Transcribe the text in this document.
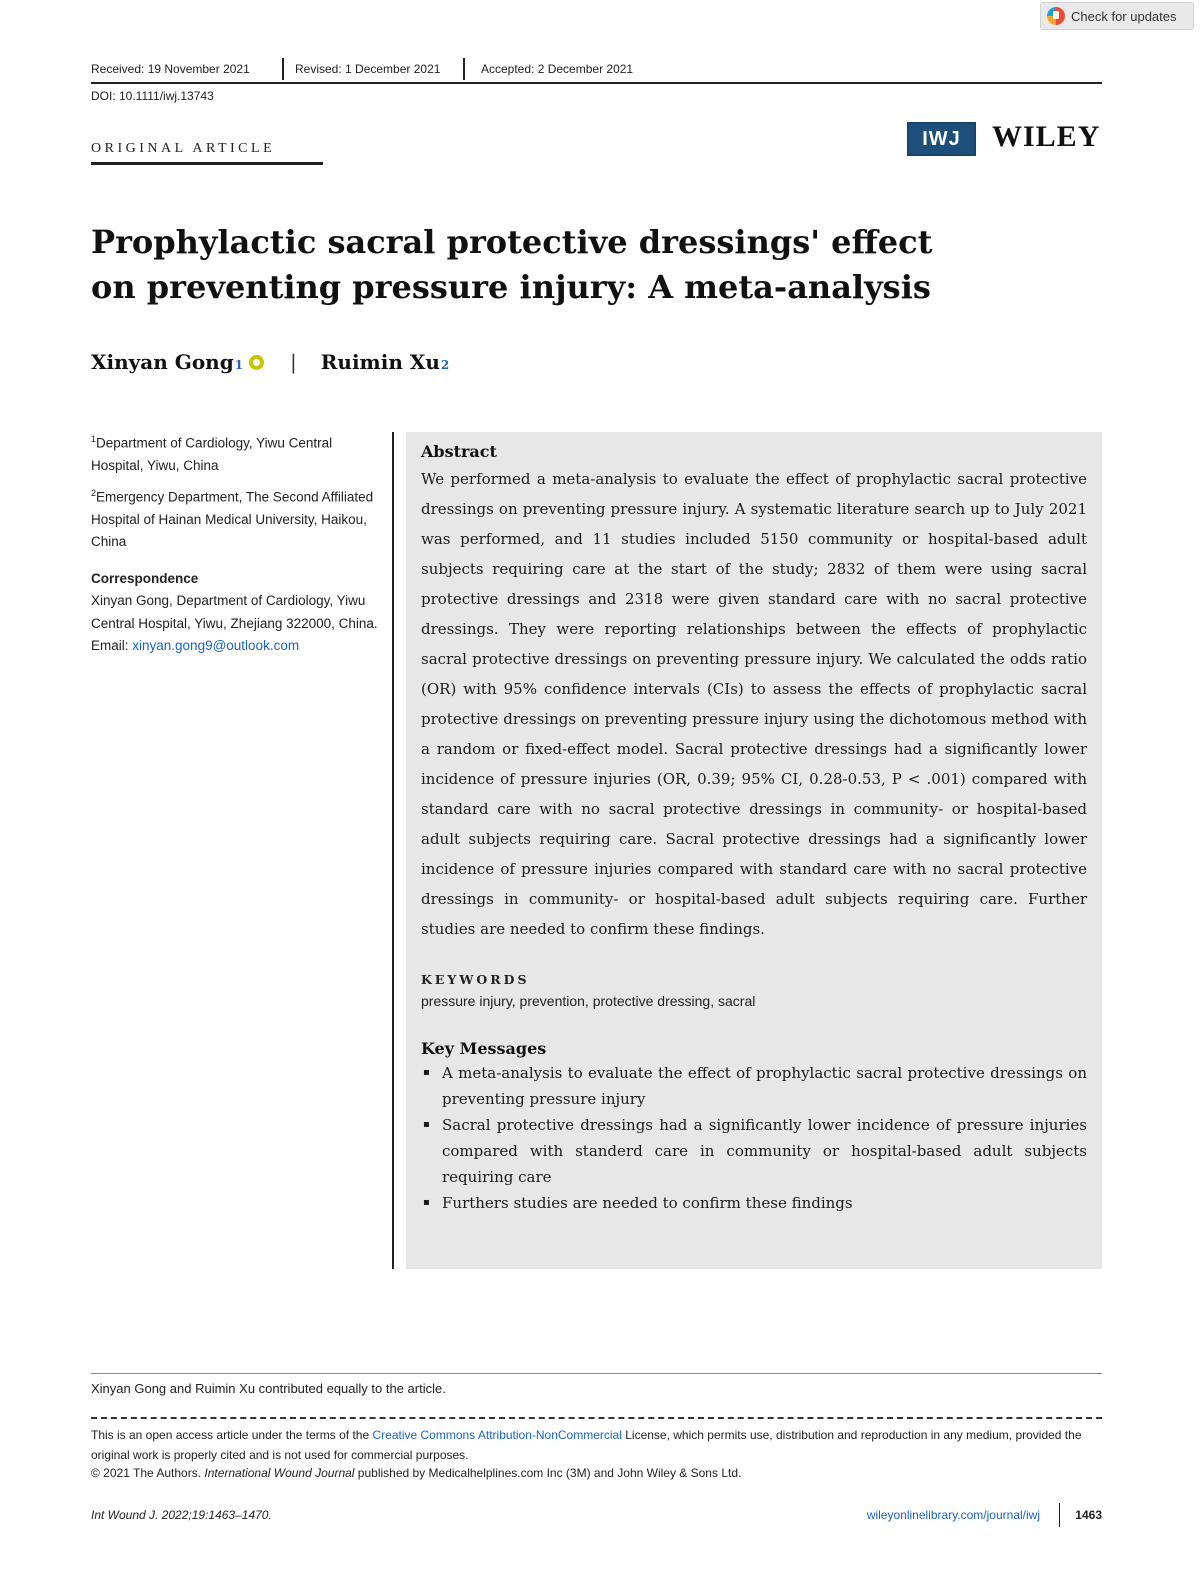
Check for updates
Received: 19 November 2021	Revised: 1 December 2021	Accepted: 2 December 2021
DOI: 10.1111/iwj.13743
ORIGINAL ARTICLE	IWJ	WILEY
Prophylactic sacral protective dressings' effect
on preventing pressure injury: A meta-analysis
Xinyan Gong 1 | Ruimin Xu 2

$^1$Department of Cardiology, Yiwu Central Hospital, Yiwu, China

$^2$Emergency Department, The Second Affiliated Hospital of Hainan Medical University, Haikou, China

Correspondence

Xinyan Gong, Department of Cardiology, Yiwu Central Hospital, Yiwu, Zhejiang 322000, China.

Email: xinyan.gong9@outlook.com

Abstract

We performed a meta-analysis to evaluate the effect of prophylactic sacral protective dressings on preventing pressure injury. A systematic literature search up to July 2021 was performed, and 11 studies included 5150 community or hospital-based adult subjects requiring care at the start of the study; 2832 of them were using sacral protective dressings and 2318 were given standard care with no sacral protective dressings. They were reporting relationships between the effects of prophylactic sacral protective dressings on preventing pressure injury. We calculated the odds ratio (OR) with 95% confidence intervals (CIs) to assess the effects of prophylactic sacral protective dressings on preventing pressure injury using the dichotomous method with a random or fixed-effect model. Sacral protective dressings had a significantly lower incidence of pressure injuries (OR, 0.39; 95% CI, 0.28-0.53, P < .001) compared with standard care with no sacral protective dressings in community- or hospital-based adult subjects requiring care. Sacral protective dressings had a significantly lower incidence of pressure injuries compared with standard care with no sacral protective dressings in community- or hospital-based adult subjects requiring care. Further studies are needed to confirm these findings.

KEYWORDS

pressure injury, prevention, protective dressing, sacral

Key Messages

▪ A meta-analysis to evaluate the effect of prophylactic sacral protective dressings on preventing pressure injury
▪ Sacral protective dressings had a significantly lower incidence of pressure injuries compared with standerd care in community or hospital-based adult subjects requiring care
▪ Furthers studies are needed to confirm these findings
Xinyan Gong and Ruimin Xu contributed equally to the article.

This is an open access article under the terms of the Creative Commons Attribution-NonCommercial License, which permits use, distribution and reproduction in any medium, provided the original work is properly cited and is not used for commercial purposes.

© 2021 The Authors. International Wound Journal published by Medicalhelplines.com Inc (3M) and John Wiley & Sons Ltd.
Int Wound J. 2022;19:1463–1470.	wileyonlinelibrary.com/journal/iwj	1463
